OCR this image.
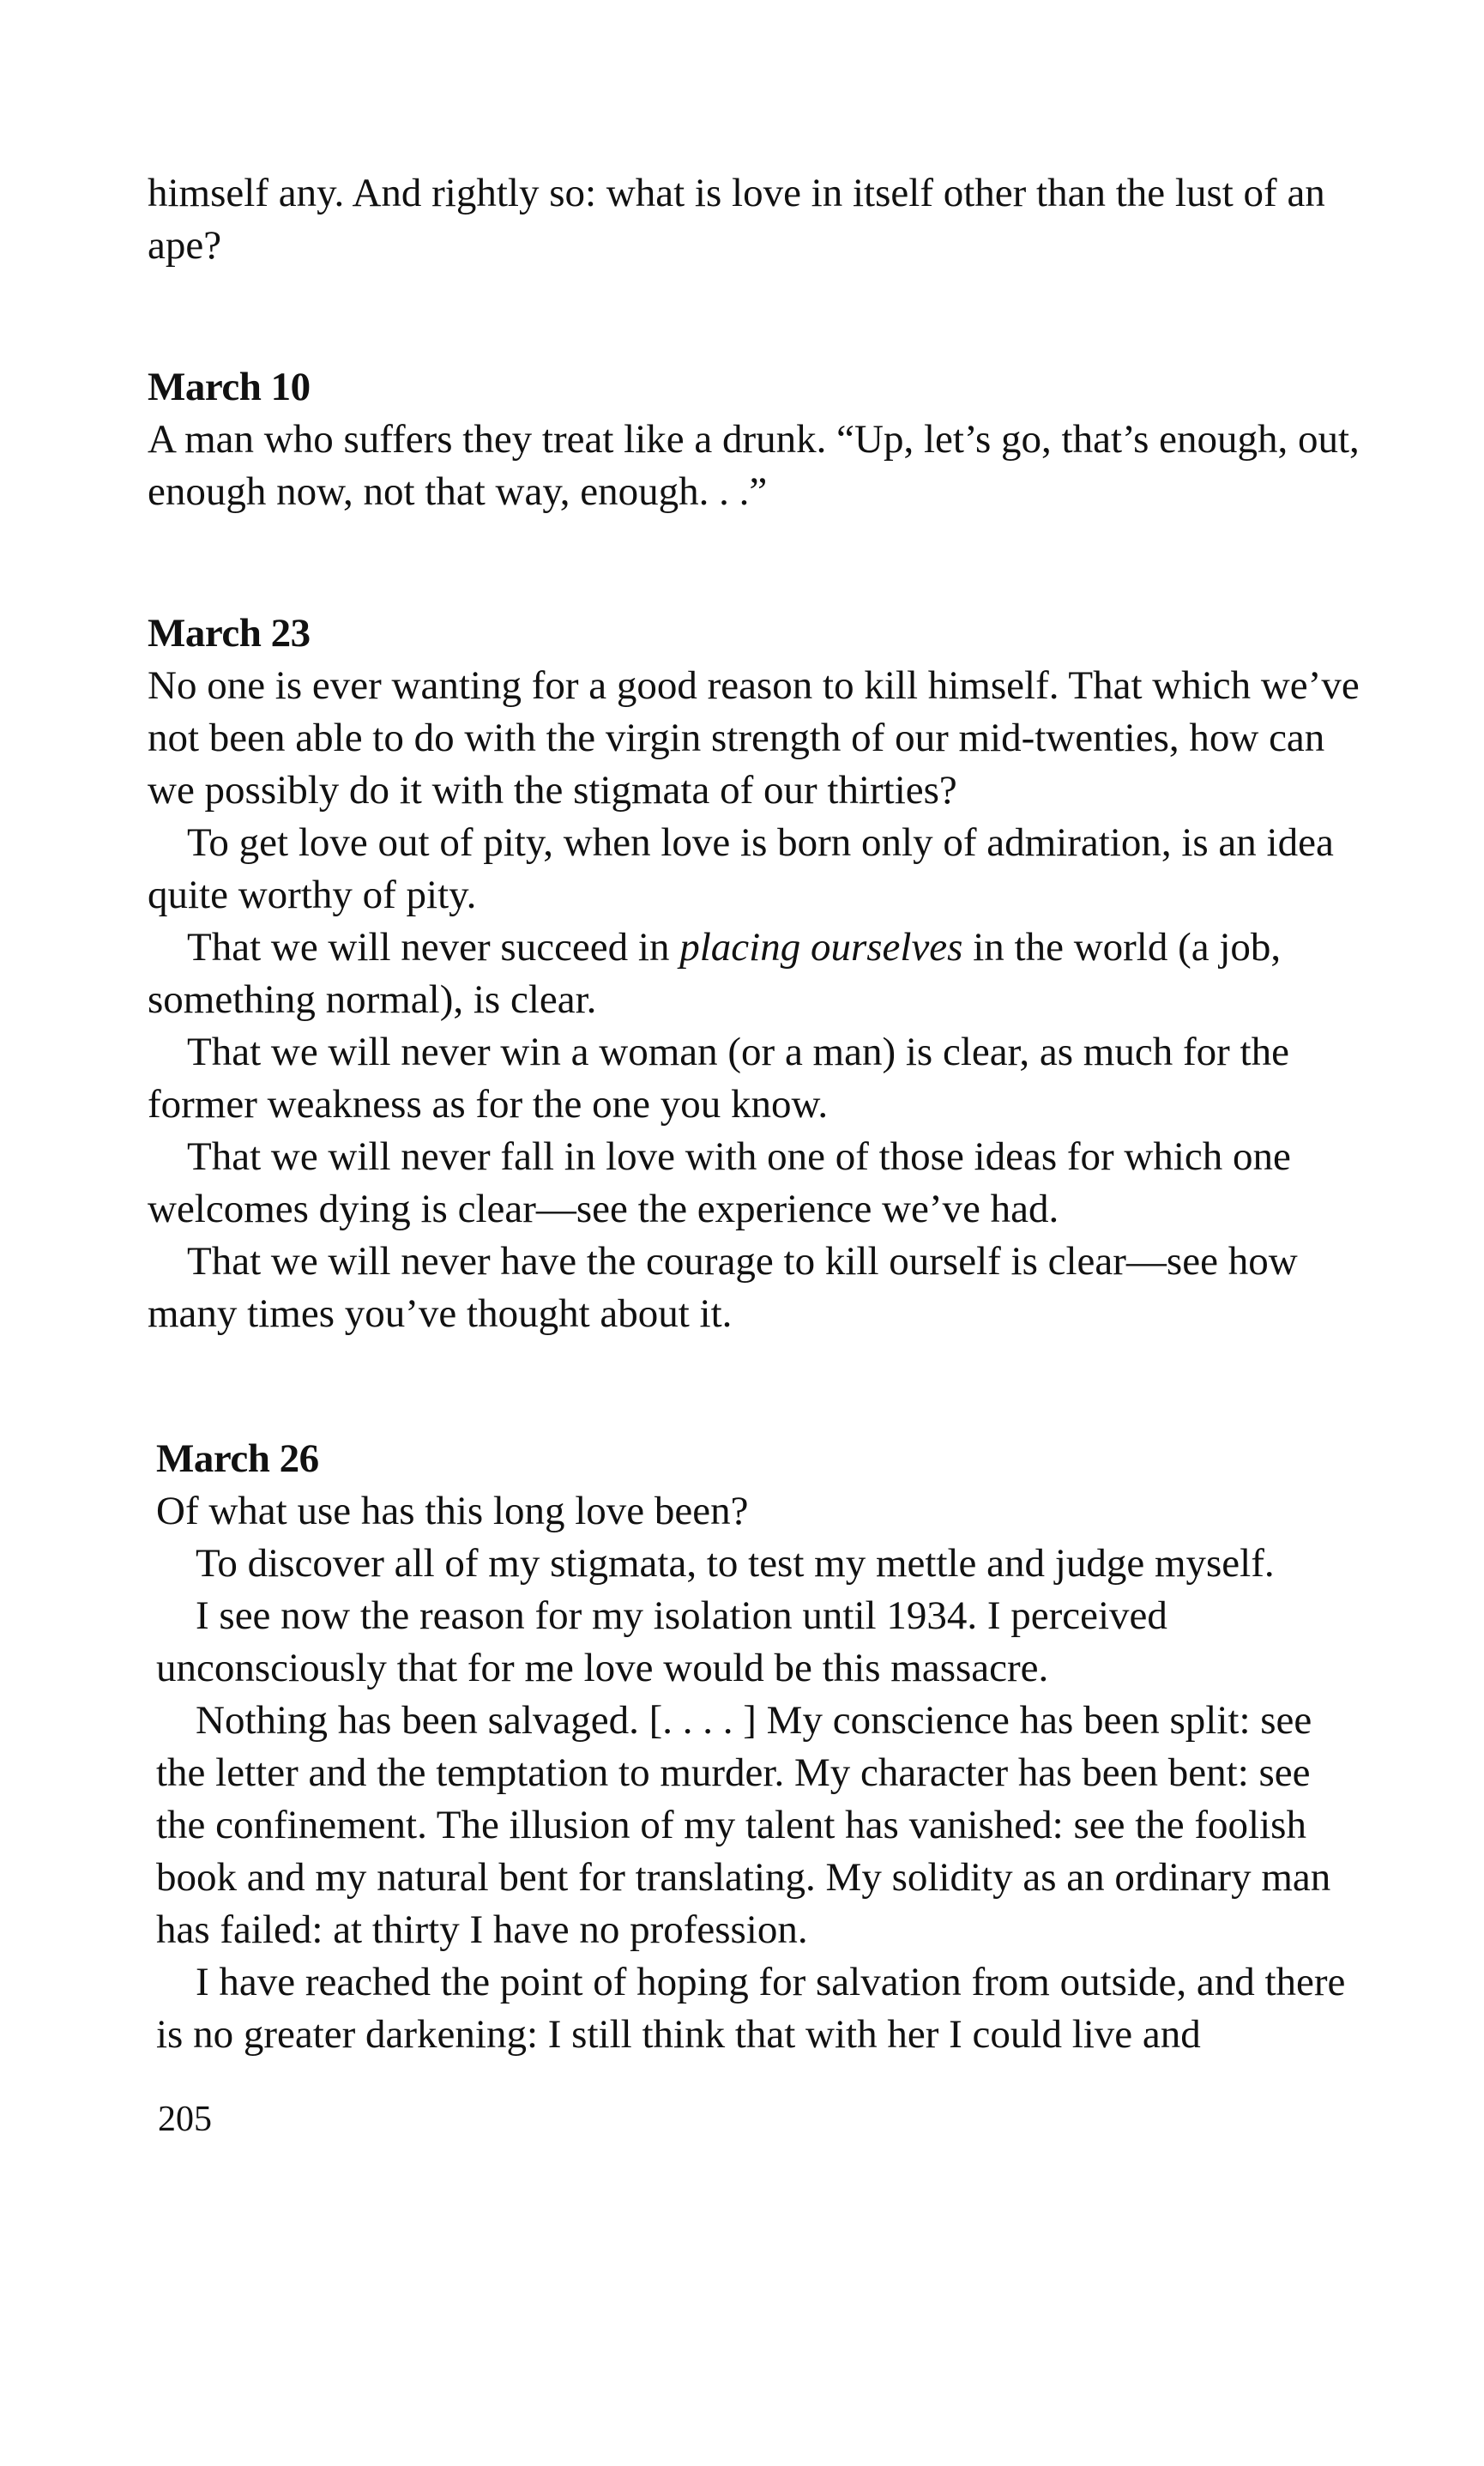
himself any. And rightly so: what is love in itself other than the lust of an ape?

March 10

A man who suffers they treat like a drunk. “Up, let’s go, that’s enough, out, enough now, not that way, enough. . .”

March 23

No one is ever wanting for a good reason to kill himself. That which we’ve not been able to do with the virgin strength of our mid-twenties, how can we possibly do it with the stigmata of our thirties?

To get love out of pity, when love is born only of admiration, is an idea quite worthy of pity.

That we will never succeed in placing ourselves in the world (a job, something normal), is clear.

That we will never win a woman (or a man) is clear, as much for the former weakness as for the one you know.

That we will never fall in love with one of those ideas for which one welcomes dying is clear—see the experience we’ve had.

That we will never have the courage to kill ourself is clear—see how many times you’ve thought about it.

March 26

Of what use has this long love been?

To discover all of my stigmata, to test my mettle and judge myself.

I see now the reason for my isolation until 1934. I perceived unconsciously that for me love would be this massacre.

Nothing has been salvaged. [. . . . ] My conscience has been split: see the letter and the temptation to murder. My character has been bent: see the confinement. The illusion of my talent has vanished: see the foolish book and my natural bent for translating. My solidity as an ordinary man has failed: at thirty I have no profession.

I have reached the point of hoping for salvation from outside, and there is no greater darkening: I still think that with her I could live and

205
